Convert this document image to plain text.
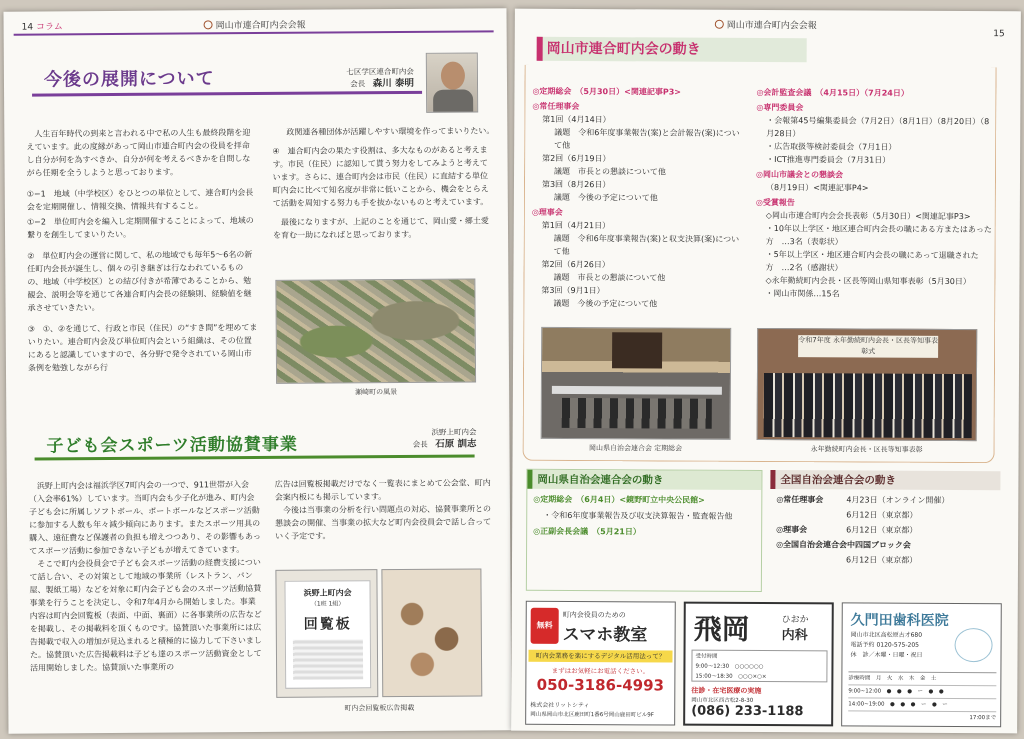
14 コラム	岡山市連合町内会会報
今後の展開について	七区学区連合町内会
会長　 森川 泰明

人生百年時代の到来と言われる中で私の人生も最終段階を迎えています。此の度縁があって岡山市連合町内会の役員を拝命し自分が何を為すべきか、自分が何を考えるべきかを自問しながら任期を全うしようと思っております。

①−1　地域（中学校区）をひとつの単位として、連合町内会長会を定期開催し、情報交換、情報共有すること。

①−2　単位町内会を編入し定期開催することによって、地域の繋りを創生してまいりたい。

②　単位町内会の運営に関して、私の地域でも毎年5〜6名の新任町内会長が誕生し、個々の引き継ぎは行なわれているものの、地域（中学校区）との結び付きが希薄であることから、勉観会、説明会等を通じて各連合町内会長の経験則、経験値を継承させていきたい。

③　①、②を通じて、行政と市民（住民）の“すき間”を埋めてまいりたい。連合町内会及び単位町内会という組織は、その位置にあると認識していますので、各分野で発令されている岡山市条例を勉強しながら行

政関連各種団体が活躍しやすい環境を作ってまいりたい。

④　連合町内会の果たす役割は、多大なものがあると考えます。市民（住民）に認知して貰う努力をしてみようと考えています。さらに、連合町内会は市民（住民）に直結する単位町内会に比べて知名度が非常に低いことから、機会をとらえて活動を周知する努力も手を抜かないものと考えています。

最後になりますが、上記のことを通じて、岡山愛・郷土愛を育む一助になればと思っております。

瀬崎町の風景
子ども会スポーツ活動協賛事業
浜野上町内会
会長　 石原 訓志

浜野上町内会は福浜学区7町内会の一つで、911世帯が入会（入会率61%）しています。当町内会も少子化が進み、町内会子ども会に所属しソフトボール、ポートボールなどスポーツ活動に参加する人数も年々減少傾向にあります。またスポーツ用具の購入、遠征費など保護者の負担も増えつつあり、その影響もあってスポーツ活動に参加できない子どもが増えてきています。

そこで町内会役員会で子ども会スポーツ活動の経費支援について話し合い、その対策として地域の事業所（レストラン、パン屋、製紙工場）などを対象に町内会子ども会のスポーツ活動協賛事業を行うことを決定し、令和7年4月から開始しました。事業内容は町内会回覧板（表面、中面、裏面）に各事業所の広告などを掲載し、その掲載料を頂くものです。協賛頂いた事業所には広告掲載で収入の増加が見込まれると積極的に協力して下さいました。協賛頂いた広告掲載料は子ども達のスポーツ活動資金として活用開始しました。協賛頂いた事業所の

広告は回覧板掲載だけでなく一覧表にまとめて公会堂、町内会案内板にも掲示しています。

今後は当事業の分析を行い問題点の対応、協賛事業所との懇談会の開催、当事業の拡大など町内会役員会で話し合っていく予定です。

浜野上町内会
（1班 1組）
回覧板
町内会回覧板広告掲載
岡山市連合町内会会報
15
岡山市連合町内会の動き
◎定期総会　（5月30日）<関連記事P3>
◎常任理事会
第1回（4月14日）
議題　令和6年度事業報告(案)と会計報告(案)について他
第2回（6月19日）
議題　市長との懇談について他
第3回（8月26日）
議題　今後の予定について他
◎理事会
第1回（4月21日）
議題　令和6年度事業報告(案)と収支決算(案)について他
第2回（6月26日）
議題　市長との懇談について他
第3回（9月1日）
議題　今後の予定について他
◎会計監査会議　（4月15日）（7月24日）
◎専門委員会
・会報第45号編集委員会（7月2日）（8月1日）（8月20日）（8月28日）
・広告取扱等検討委員会（7月1日）
・ICT推進専門委員会（7月31日）
◎岡山市議会との懇談会
（8月19日）<関連記事P4>
◎受賞報告
◇岡山市連合町内会会長表彰（5月30日）<関連記事P3>
・10年以上学区・地区連合町内会長の職にある方またはあった方　…3名（表彰状）
・5年以上学区・地区連合町内会長の職にあって退職された方　…2名（感謝状）
◇永年勤続町内会長・区長等岡山県知事表彰（5月30日）
・岡山市関係…15名
岡山県自治会連合会 定期総会
令和7年度 永年勤続町内会長・区長等知事表彰式
永年勤続町内会長・区長等知事表彰
岡山県自治会連合会の動き
◎定期総会　（6月4日）<鏡野町立中央公民館>
・令和6年度事業報告及び収支決算報告・監査報告他
◎正副会長会議　（5月21日）
全国自治会連合会の動き
◎常任理事会	4月23日（オンライン開催）
6月12日（東京都）
◎理事会	6月12日（東京都）
◎全国自治会連合会中四国ブロック会
6月12日（東京都）
無料
町内会役員のための
スマホ教室
町内会業務を楽にするデジタル活用法って？
まずはお気軽にお電話ください。
050-3186-4993
株式会社リットシティ
岡山県岡山市北区鹿田町1番6号岡山鹿田町ビル9F
飛岡	ひおか
内科
受付時間
9:00〜12:30　○○○○○○
15:00〜18:30　○○○×○×
往診・在宅医療の実施
岡山市北区西古松2-8-30
(086) 233-1188
久門田歯科医院
岡山市北区高松原古才680
電話予約 0120-575-205
休　診／木曜・日曜・祝日
診療時間　月　火　水　木　金　土
9:00~12:00　●　●　●　ー　●　●
14:00~19:00　●　●　●　ー　●　ー
17:00まで
